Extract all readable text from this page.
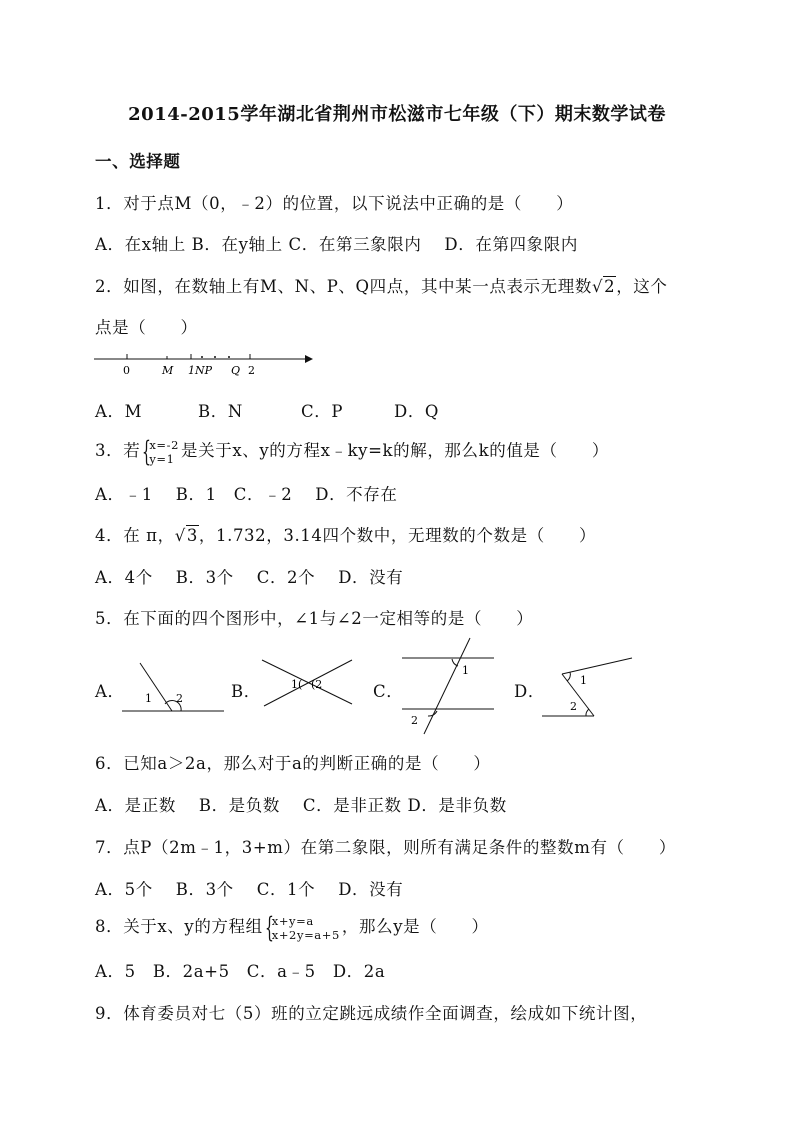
2014-2015学年湖北省荆州市松滋市七年级（下）期末数学试卷
一、选择题
1．对于点M（0，﹣2）的位置，以下说法中正确的是（　　）
A．在x轴上 B．在y轴上 C．在第三象限内　 D．在第四象限内
2．如图，在数轴上有M、N、P、Q四点，其中某一点表示无理数√2，这个
点是（　　）
0	M 1NP Q 2
A．M	B．N	C．P	D．Q
3．若 {
x=-2
y=1 是关于x、y的方程x﹣ky=k的解，那么k的值是（　　）
A．﹣1　 B．1　C．﹣2　 D．不存在
4．在 π，√3，1.732，3.14四个数中，无理数的个数是（　　）
A．4个　 B．3个　 C．2个　 D．没有
5．在下面的四个图形中，∠1与∠2一定相等的是（　　）
A． 1 2	B．	1( (2	C．
1
2
D．
1
2
6．已知a＞2a，那么对于a的判断正确的是（　　）
A．是正数　 B．是负数　 C．是非正数 D．是非负数
7．点P（2m﹣1，3+m）在第二象限，则所有满足条件的整数m有（　　）
A．5个　 B．3个　 C．1个　 D．没有
8．关于x、y的方程组 {
x+y=a
x+2y=a+5 ，那么y是（　　）
A．5　B．2a+5　C．a﹣5　D．2a
9．体育委员对七（5）班的立定跳远成绩作全面调查，绘成如下统计图，
